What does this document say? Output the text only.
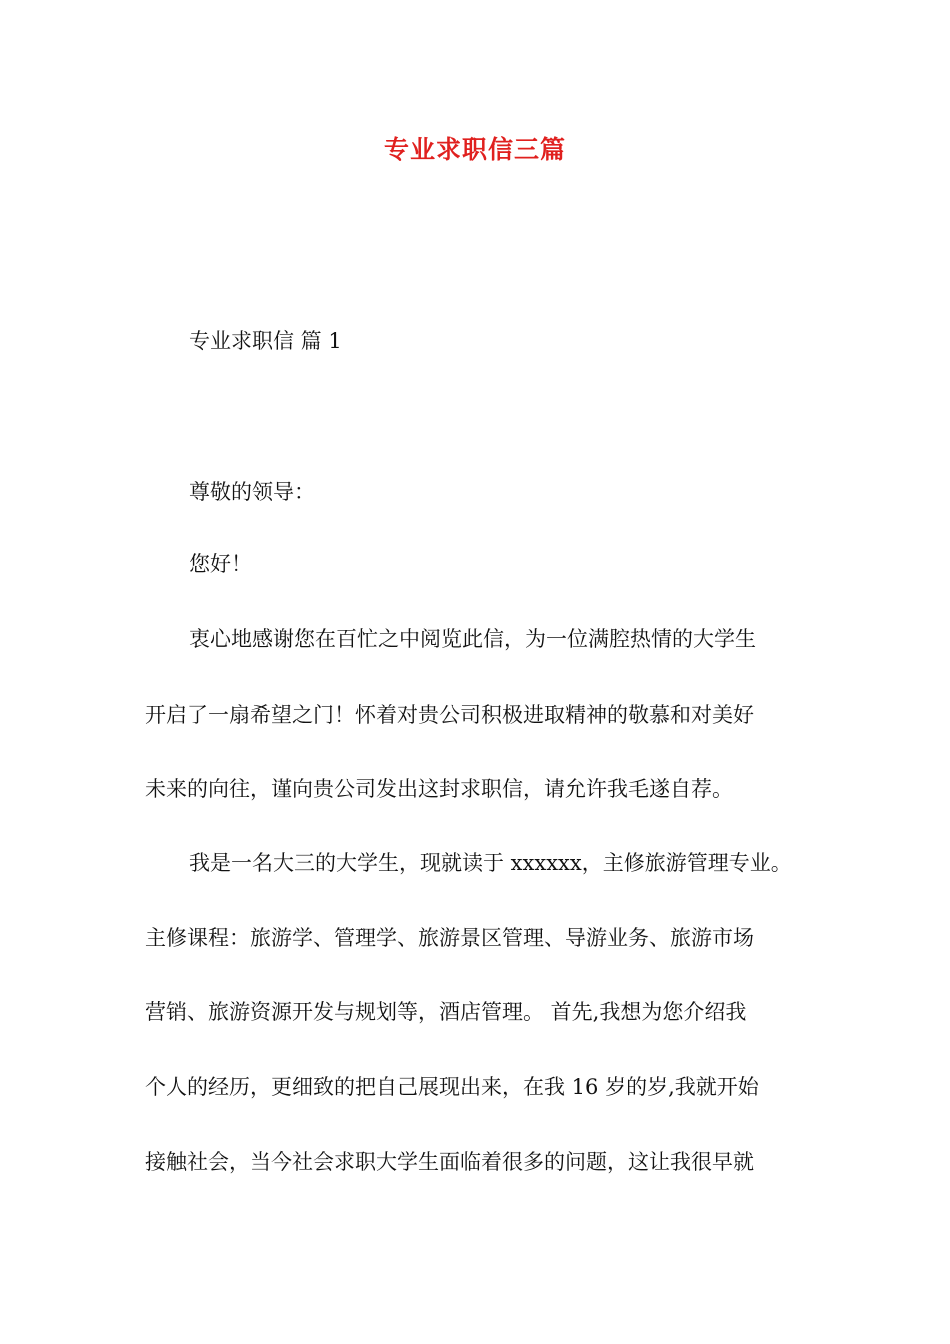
专业求职信三篇
专业求职信 篇 1
尊敬的领导：
您好！
衷心地感谢您在百忙之中阅览此信，为一位满腔热情的大学生
开启了一扇希望之门！怀着对贵公司积极进取精神的敬慕和对美好
未来的向往，谨向贵公司发出这封求职信，请允许我毛遂自荐。
我是一名大三的大学生，现就读于 xxxxxx，主修旅游管理专业。
主修课程：旅游学、管理学、旅游景区管理、导游业务、旅游市场
营销、旅游资源开发与规划等，酒店管理。 首先,我想为您介绍我
个人的经历，更细致的把自己展现出来，在我 16 岁的岁,我就开始
接触社会，当今社会求职大学生面临着很多的问题，这让我很早就
